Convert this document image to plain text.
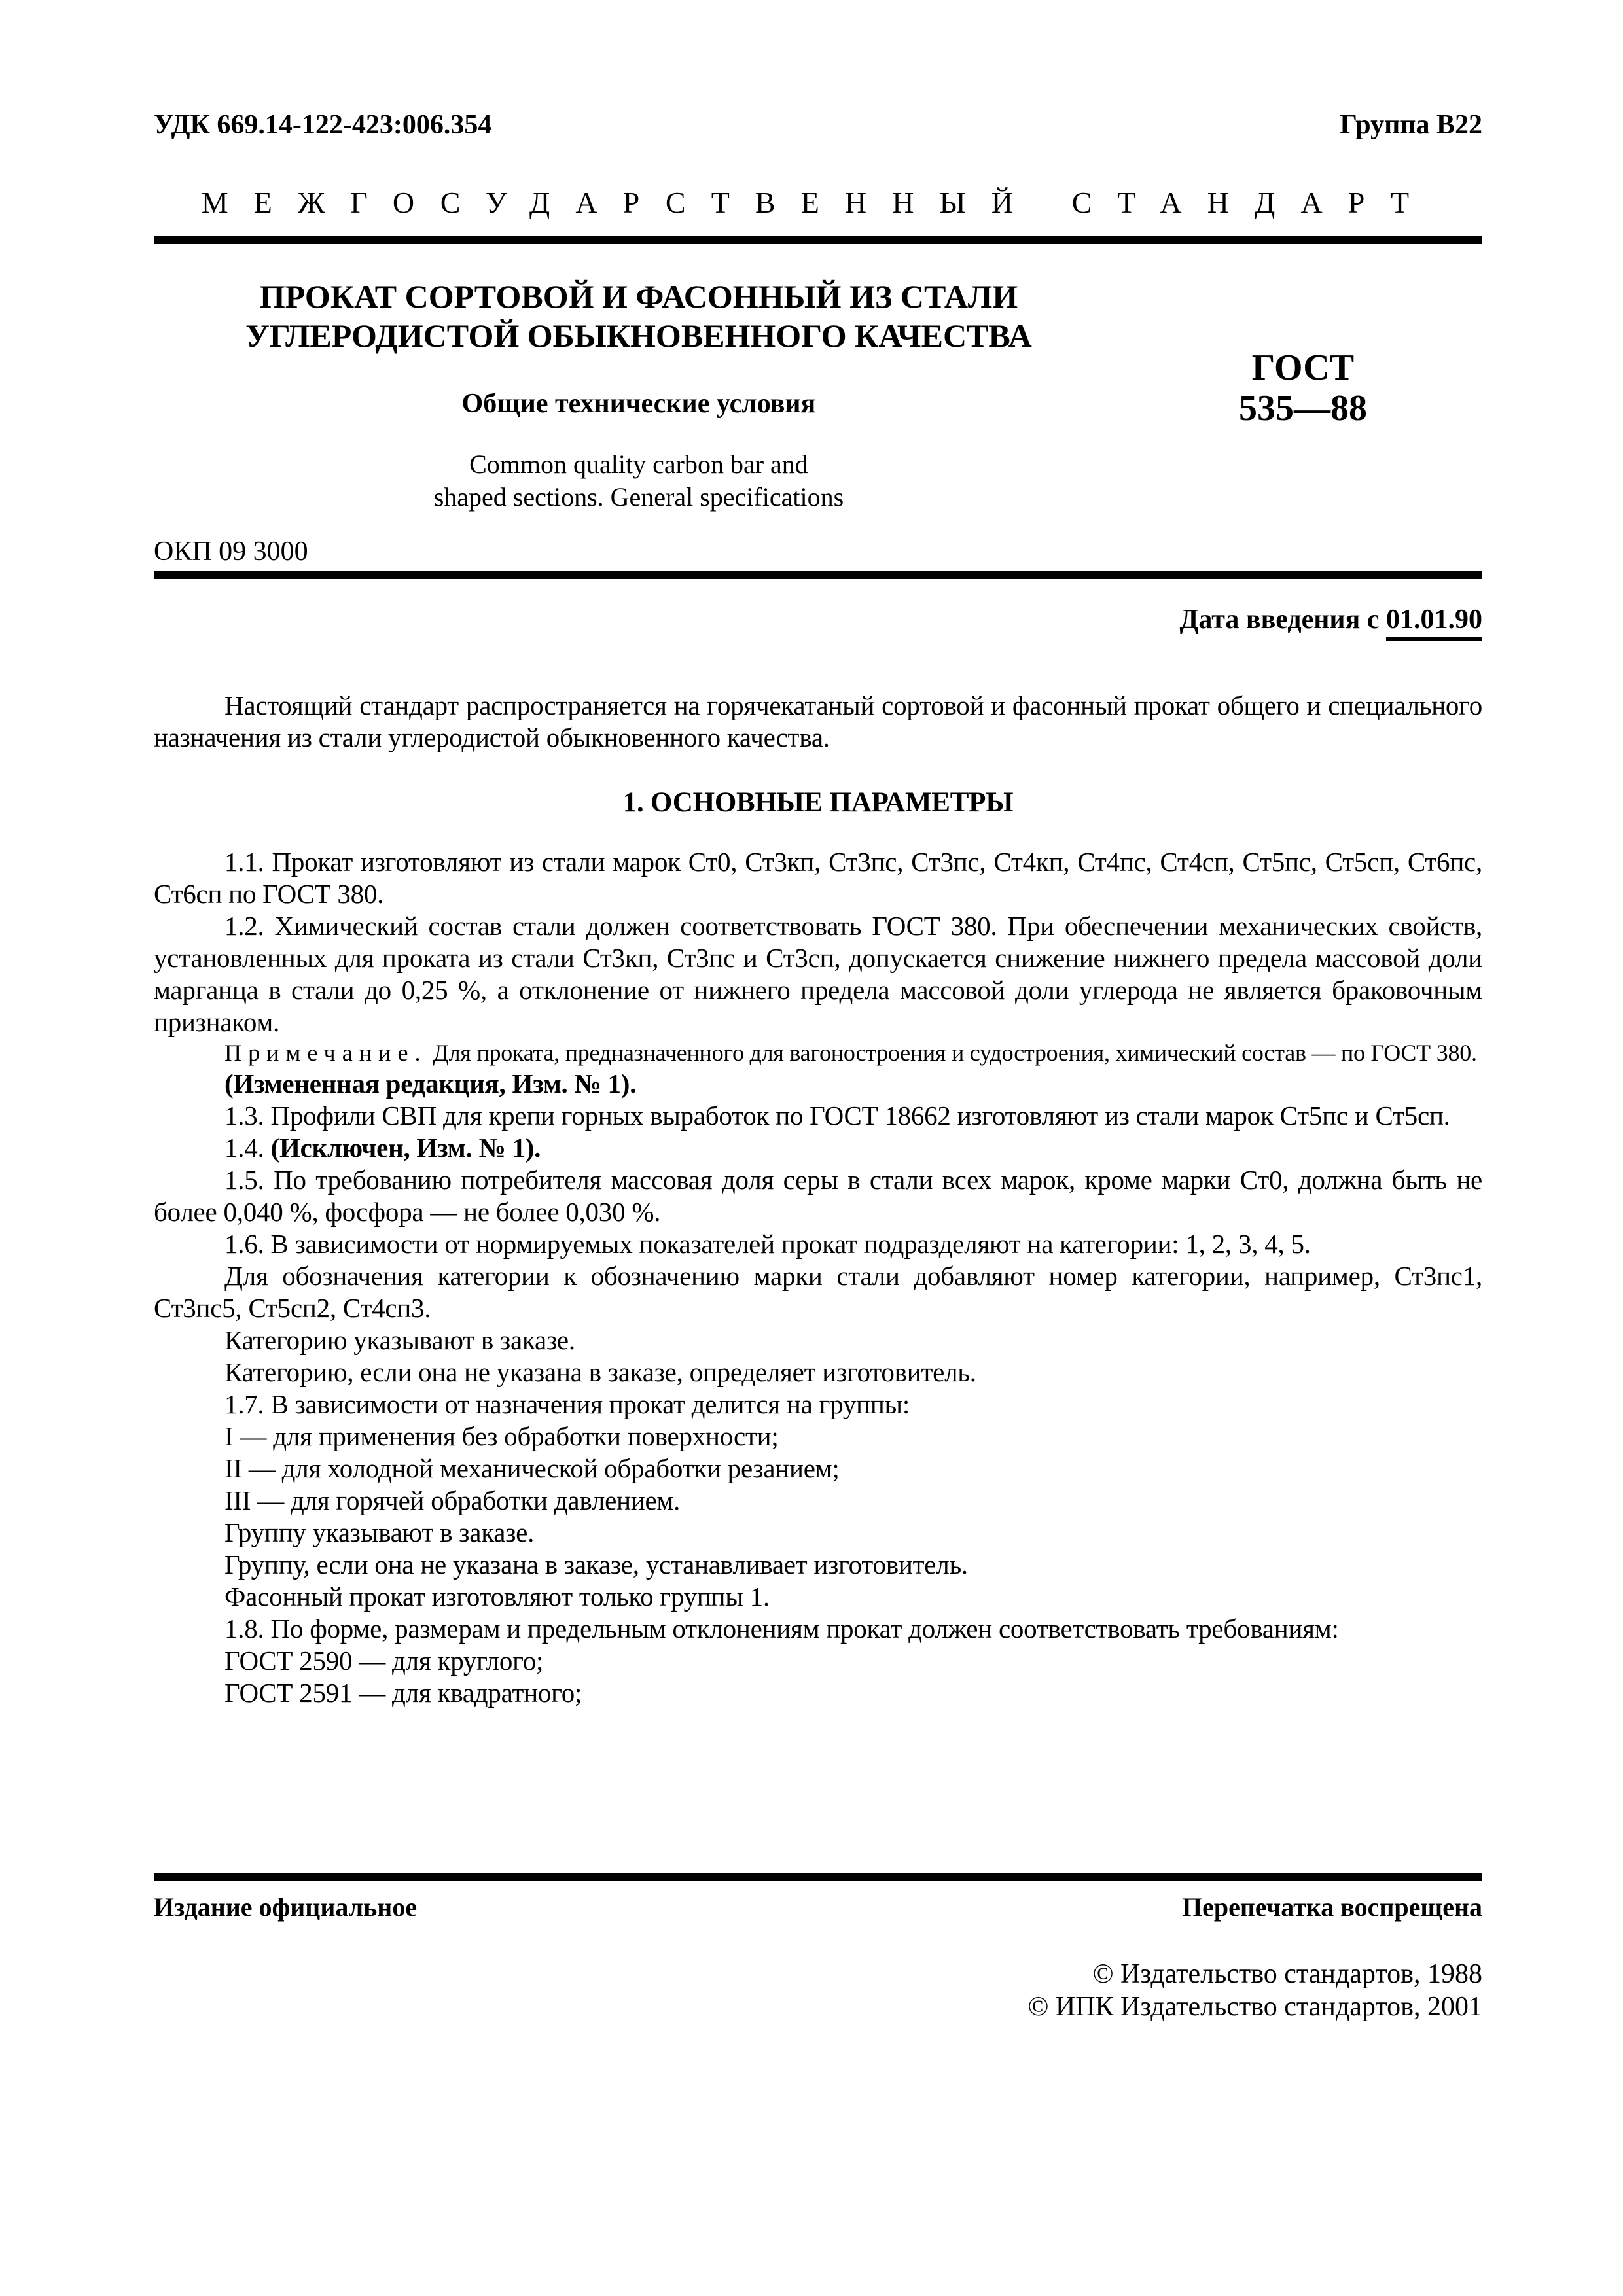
УДК 669.14-122-423:006.354	Группа В22
МЕЖГОСУДАРСТВЕННЫЙ СТАНДАРТ
ПРОКАТ СОРТОВОЙ И ФАСОННЫЙ ИЗ СТАЛИ
УГЛЕРОДИСТОЙ ОБЫКНОВЕННОГО КАЧЕСТВА
Общие технические условия
Common quality carbon bar and
shaped sections. General specifications
ГОСТ
535—88
ОКП 09 3000
Дата введения с 01.01.90

Настоящий стандарт распространяется на горячекатаный сортовой и фасонный прокат общего и специального назначения из стали углеродистой обыкновенного качества.

1. ОСНОВНЫЕ ПАРАМЕТРЫ

1.1. Прокат изготовляют из стали марок Ст0, Ст3кп, Ст3пс, Ст3пс, Ст4кп, Ст4пс, Ст4сп, Ст5пс, Ст5сп, Ст6пс, Ст6сп по ГОСТ 380.

1.2. Химический состав стали должен соответствовать ГОСТ 380. При обеспечении механических свойств, установленных для проката из стали Ст3кп, Ст3пс и Ст3сп, допускается снижение нижнего предела массовой доли марганца в стали до 0,25 %, а отклонение от нижнего предела массовой доли углерода не является браковочным признаком.

Примечание. Для проката, предназначенного для вагоностроения и судостроения, химический состав — по ГОСТ 380.

(Измененная редакция, Изм. № 1).

1.3. Профили СВП для крепи горных выработок по ГОСТ 18662 изготовляют из стали марок Ст5пс и Ст5сп.

1.4. (Исключен, Изм. № 1).

1.5. По требованию потребителя массовая доля серы в стали всех марок, кроме марки Ст0, должна быть не более 0,040 %, фосфора — не более 0,030 %.

1.6. В зависимости от нормируемых показателей прокат подразделяют на категории: 1, 2, 3, 4, 5.

Для обозначения категории к обозначению марки стали добавляют номер категории, например, Ст3пс1, Ст3пс5, Ст5сп2, Ст4сп3.

Категорию указывают в заказе.

Категорию, если она не указана в заказе, определяет изготовитель.

1.7. В зависимости от назначения прокат делится на группы:

I — для применения без обработки поверхности;

II — для холодной механической обработки резанием;

III — для горячей обработки давлением.

Группу указывают в заказе.

Группу, если она не указана в заказе, устанавливает изготовитель.

Фасонный прокат изготовляют только группы 1.

1.8. По форме, размерам и предельным отклонениям прокат должен соответствовать требованиям:

ГОСТ 2590 — для круглого;

ГОСТ 2591 — для квадратного;

Издание официальное	Перепечатка воспрещена
© Издательство стандартов, 1988
© ИПК Издательство стандартов, 2001
